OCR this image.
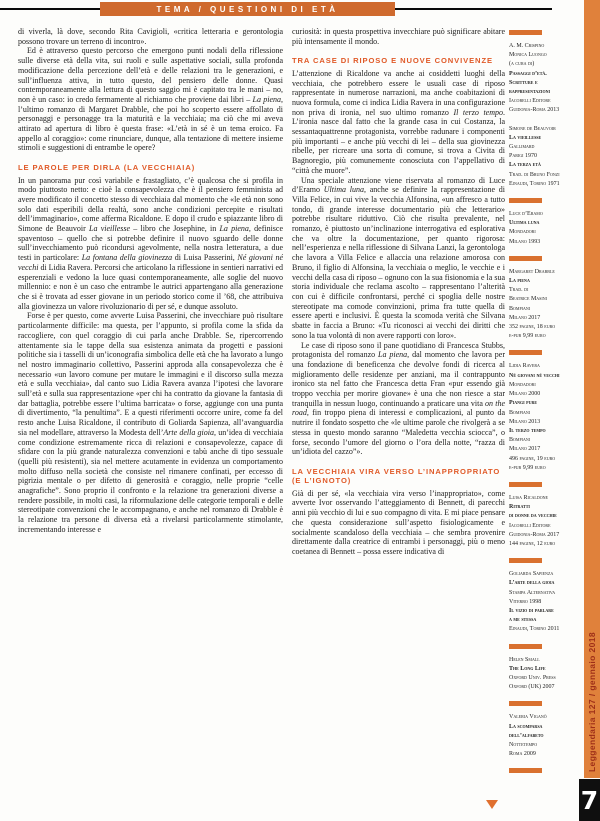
TEMA / QUESTIONI DI ETÀ

di viverla, là dove, secondo Rita Cavigioli, «critica letteraria e gerontologia possono trovare un terreno di incontro».

Ed è attraverso questo percorso che emergono punti nodali della riflessione sulle diverse età della vita, sui ruoli e sulle aspettative sociali, sulla profonda modificazione della percezione dell’età e delle relazioni tra le generazioni, e sull’influenza attiva, in tutto questo, del pensiero delle donne. Quasi contemporaneamente alla lettura di questo saggio mi è capitato tra le mani – no, non è un caso: io credo fermamente al richiamo che proviene dai libri – La piena, l’ultimo romanzo di Margaret Drabble, che poi ho scoperto essere affollato di personaggi e personagge tra la maturità e la vecchiaia; ma ciò che mi aveva attirato ad apertura di libro è questa frase: «L’età in sé è un tema eroico. Fa appello al coraggio»: come rinunciare, dunque, alla tentazione di mettere insieme stimoli e suggestioni di entrambe le opere?

LE PAROLE PER DIRLA (LA VECCHIAIA)

In un panorama pur così variabile e frastagliato, c’è qualcosa che si profila in modo piuttosto netto: e cioè la consapevolezza che è il pensiero femminista ad avere modificato il concetto stesso di vecchiaia dal momento che «le età non sono solo dati esperibili della realtà, sono anche condizioni percepite e risultati dell’immaginario», come afferma Ricaldone. E dopo il crudo e spiazzante libro di Simone de Beauvoir La vieillesse – libro che Josephine, in La piena, definisce spaventoso – quello che si potrebbe definire il nuovo sguardo delle donne sull’invecchiamento può ricondursi agevolmente, nella nostra letteratura, a due testi in particolare: La fontana della giovinezza di Luisa Passerini, Né giovani né vecchi di Lidia Ravera. Percorsi che articolano la riflessione in sentieri narrativi ed esperenziali e vedono la luce quasi contemporaneamente, alle soglie del nuovo millennio: e non è un caso che entrambe le autrici appartengano alla generazione che si è trovata ad esser giovane in un periodo storico come il ’68, che attribuiva alla giovinezza un valore rivoluzionario di per sé, e dunque assoluto.

Forse è per questo, come avverte Luisa Passerini, che invecchiare può risultare particolarmente difficile: ma questa, per l’appunto, si profila come la sfida da raccogliere, con quel coraggio di cui parla anche Drabble. Se, ripercorrendo attentamente sia le tappe della sua esistenza animata da progetti e passioni politiche sia i tasselli di un’iconografia simbolica delle età che ha lavorato a lungo nel nostro immaginario collettivo, Passerini approda alla consapevolezza che è necessario «un lavoro comune per mutare le immagini e il discorso sulla mezza età e sulla vecchiaia», dal canto suo Lidia Ravera avanza l’ipotesi che lavorare sull’età e sulla sua rappresentazione «per chi ha contratto da giovane la fantasia di dar battaglia, potrebbe essere l’ultima barricata» o forse, aggiunge con una punta di divertimento, “la penultima”. E a questi riferimenti occorre unire, come fa del resto anche Luisa Ricaldone, il contributo di Goliarda Sapienza, all’avanguardia sia nel modellare, attraverso la Modesta dell’Arte della gioia, un’idea di vecchiaia come condizione estremamente ricca di relazioni e consapevolezze, capace di sfidare con la più grande naturalezza convenzioni e tabù anche di tipo sessuale (quelli più resistenti), sia nel mettere acutamente in evidenza un comportamento molto diffuso nella società che consiste nel rimanere confinati, per eccesso di pigrizia mentale o per difetto di generosità e coraggio, nelle proprie “celle anagrafiche”. Sono proprio il confronto e la relazione tra generazioni diverse a rendere possibile, in molti casi, la riformulazione delle categorie temporali e delle stereotipate convenzioni che le accompagnano, e anche nel romanzo di Drabble è la relazione tra persone di diversa età a rivelarsi particolarmente stimolante, incrementando interesse e

curiosità: in questa prospettiva invecchiare può significare abitare più intensamente il mondo.

TRA CASE DI RIPOSO E NUOVE CONVIVENZE

L’attenzione di Ricaldone va anche ai cosiddetti luoghi della vecchiaia, che potrebbero essere le usuali case di riposo rappresentate in numerose narrazioni, ma anche coabitazioni di nuova formula, come ci indica Lidia Ravera in una configurazione non priva di ironia, nel suo ultimo romanzo Il terzo tempo. L’ironia nasce dal fatto che la grande casa in cui Costanza, la sessantaquattrenne protagonista, vorrebbe radunare i componenti più importanti – e anche più vecchi di lei – della sua giovinezza ribelle, per ricreare una sorta di comune, si trova a Civita di Bagnoregio, più comunemente conosciuta con l’appellativo di “città che muore”.

Una speciale attenzione viene riservata al romanzo di Luce d’Eramo Ultima luna, anche se definire la rappresentazione di Villa Felice, in cui vive la vecchia Alfonsina, «un affresco a tutto tondo, di grande interesse documentario più che letterario» potrebbe risultare riduttivo. Ciò che risulta prevalente, nel romanzo, è piuttosto un’inclinazione interrogativa ed esplorativa che va oltre la documentazione, per quanto rigorosa: nell’esperienza e nella riflessione di Silvana Lanzi, la gerontologa che lavora a Villa Felice e allaccia una relazione amorosa con Bruno, il figlio di Alfonsina, la vecchiaia o meglio, le vecchie e i vecchi della casa di riposo – ognuno con la sua fisionomia e la sua storia individuale che reclama ascolto – rappresentano l’alterità con cui è difficile confrontarsi, perché ci spoglia delle nostre stereotipate ma comode convinzioni, prima fra tutte quella di essere aperti e inclusivi. È questa la scomoda verità che Silvana sbatte in faccia a Bruno: «Tu riconosci ai vecchi dei diritti che sono la tua volontà di non avere rapporti con loro».

Le case di riposo sono il pane quotidiano di Francesca Stubbs, protagonista del romanzo La piena, dal momento che lavora per una fondazione di beneficenza che devolve fondi di ricerca al miglioramento delle residenze per anziani, ma il contrappunto ironico sta nel fatto che Francesca detta Fran «pur essendo già troppo vecchia per morire giovane» è una che non riesce a star tranquilla in nessun luogo, continuando a praticare una vita on the road, fin troppo piena di interessi e complicazioni, al punto da nutrire il fondato sospetto che «le ultime parole che rivolgerà a se stessa in questo mondo saranno “Maledetta vecchia sciocca”, o forse, secondo l’umore del giorno o l’ora della notte, “razza di un’idiota del cazzo”».

LA VECCHIAIA VIRA VERSO L’INAPPROPRIATO (E L’IGNOTO)

Già di per sé, «la vecchiaia vira verso l’inappropriato», come avverte Ivor osservando l’atteggiamento di Bennett, di parecchi anni più vecchio di lui e suo compagno di vita. E mi piace pensare che questa considerazione sull’aspetto fisiologicamente e socialmente scandaloso della vecchiaia – che sembra provenire direttamente dalla creatrice di entrambi i personaggi, più o meno coetanea di Bennett – possa essere indicativa di

A. M. Crispino
Monica Luongo
(a cura di)
Passaggi d’età.
Scritture e
rappresentazioni
Iacobelli Editore
Guidonia-Roma 2013
Simone de Beauvoir
La vieillesse
Gallimard
Parigi 1970
La terza età
Trad. di Bruno Fonzi
Einaudi, Torino 1971
Luce d’Eramo
Ultima luna
Mondadori
Milano 1993
Margaret Drabble
La piena
Trad. di
Beatrice Masini
Bompiani
Milano 2017
352 pagine, 18 euro
e-pub 9,99 euro
Lidia Ravera
Né giovani né vecchi
Mondadori
Milano 2000
Piangi pure
Bompiani
Milano 2013
Il terzo tempo
Bompiani
Milano 2017
496 pagine, 19 euro
e-pub 9,99 euro
Luisa Ricaldone
Ritratti
di donne da vecchie
Iacobelli Editore
Guidonia-Roma 2017
144 pagine, 12 euro
Goliarda Sapienza
L’arte della gioia
Stampa Alternativa
Viterbo 1998
Il vizio di parlare
a me stessa
Einaudi, Torino 2011
Helen Small
The Long Life
Oxford Univ. Press
Oxford (UK) 2007
Valeria Viganò
La scomparsa
dell’alfabeto
Nottetempo
Roma 2009	Leggendaria 127 / gennaio 2018
7
